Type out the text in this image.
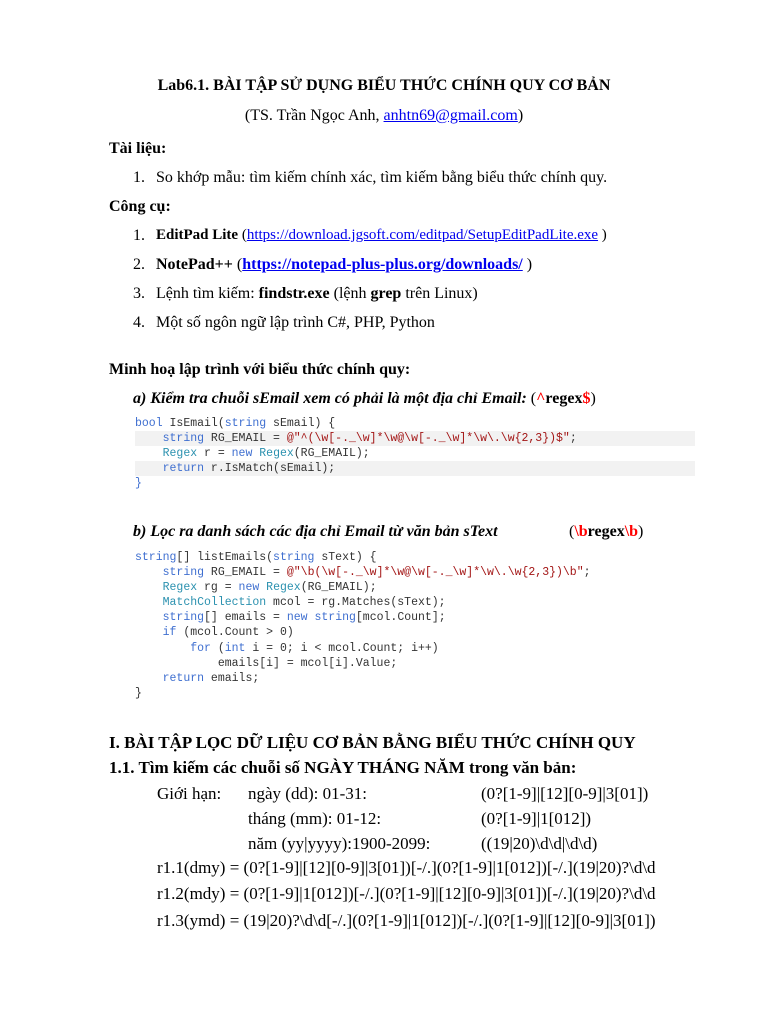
Lab6.1. BÀI TẬP SỬ DỤNG BIỂU THỨC CHÍNH QUY CƠ BẢN
(TS. Trần Ngọc Anh, anhtn69@gmail.com)
Tài liệu:
1. So khớp mẫu: tìm kiếm chính xác, tìm kiếm bằng biểu thức chính quy.
Công cụ:
1. EditPad Lite (https://download.jgsoft.com/editpad/SetupEditPadLite.exe )
2. NotePad++ (https://notepad-plus-plus.org/downloads/ )
3. Lệnh tìm kiếm: findstr.exe (lệnh grep trên Linux)
4. Một số ngôn ngữ lập trình C#, PHP, Python
Minh hoạ lập trình với biểu thức chính quy:
a) Kiểm tra chuỗi sEmail xem có phải là một địa chỉ Email: (^regex$)
bool IsEmail(string sEmail) {
string RG_EMAIL = @"^(\w[-._\w]*\w@\w[-._\w]*\w\.\w{2,3})$";
Regex r = new Regex(RG_EMAIL);
return r.IsMatch(sEmail);
}
b) Lọc ra danh sách các địa chỉ Email từ văn bản sText	(\bregex\b)
string[] listEmails(string sText) {
string RG_EMAIL = @"\b(\w[-._\w]*\w@\w[-._\w]*\w\.\w{2,3})\b";
Regex rg = new Regex(RG_EMAIL);
MatchCollection mcol = rg.Matches(sText);
string[] emails = new string[mcol.Count];
if (mcol.Count > 0)
for (int i = 0; i < mcol.Count; i++)
emails[i] = mcol[i].Value;
return emails;
}
I. BÀI TẬP LỌC DỮ LIỆU CƠ BẢN BẰNG BIỂU THỨC CHÍNH QUY
1.1. Tìm kiếm các chuỗi số NGÀY THÁNG NĂM trong văn bản:
Giới hạn: ngày (dd): 01-31:	(0?[1-9]|[12][0-9]|3[01])
tháng (mm): 01-12:	(0?[1-9]|1[012])
năm (yy|yyyy):1900-2099:	((19|20)\d\d|\d\d)
r1.1(dmy) = (0?[1-9]|[12][0-9]|3[01])[-/.](0?[1-9]|1[012])[-/.](19|20)?\d\d
r1.2(mdy) = (0?[1-9]|1[012])[-/.](0?[1-9]|[12][0-9]|3[01])[-/.](19|20)?\d\d
r1.3(ymd) = (19|20)?\d\d[-/.](0?[1-9]|1[012])[-/.](0?[1-9]|[12][0-9]|3[01])
